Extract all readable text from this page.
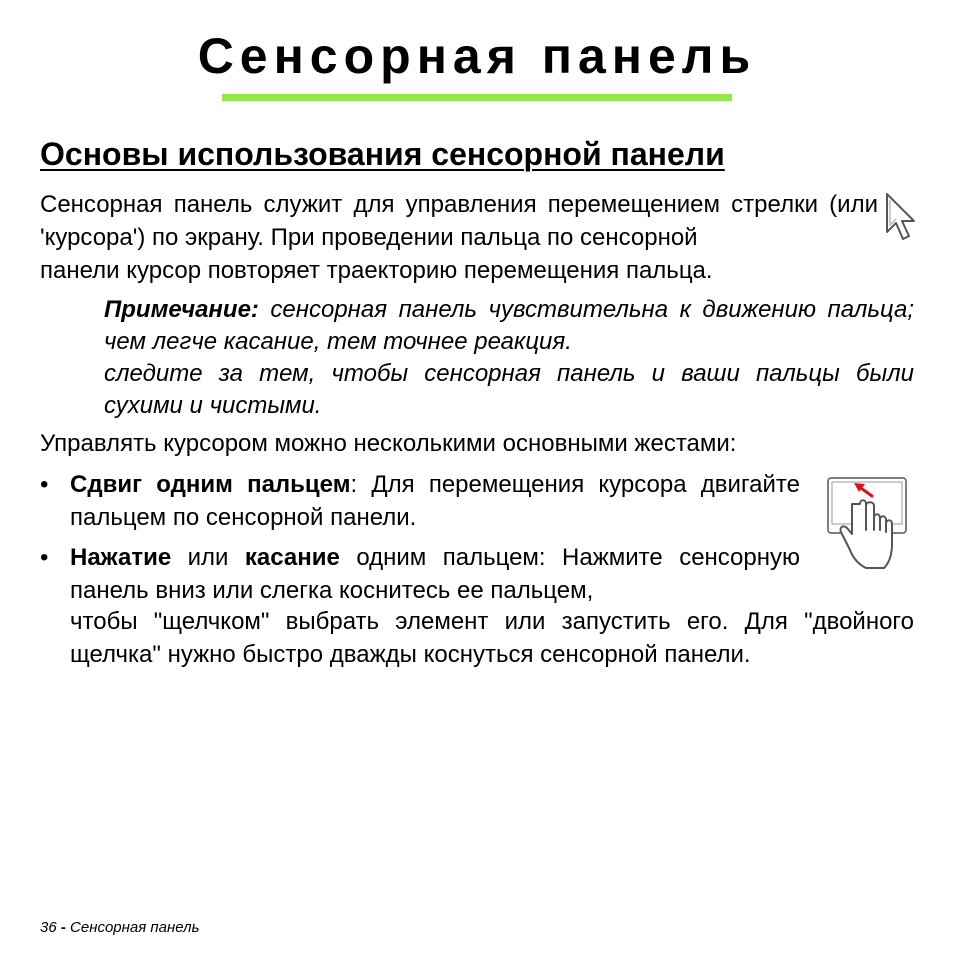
Сенсорная панель
Основы использования сенсорной панели

Сенсорная панель служит для управления перемещением стрелки (или 'курсора') по экрану. При проведении пальца по сенсорной
панели курсор повторяет траекторию перемещения пальца.

Примечание: сенсорная панель чувствительна к движению пальца; чем легче касание, тем точнее реакция.
следите за тем, чтобы сенсорная панель и ваши пальцы были сухими и чистыми.

Управлять курсором можно несколькими основными жестами:

• Сдвиг одним пальцем: Для перемещения курсора двигайте пальцем по сенсорной панели.

• Нажатие или касание одним пальцем: Нажмите сенсорную панель вниз или слегка коснитесь ее пальцем,

чтобы "щелчком" выбрать элемент или запустить его. Для "двойного щелчка" нужно быстро дважды коснуться сенсорной панели.

36 - Сенсорная панель
